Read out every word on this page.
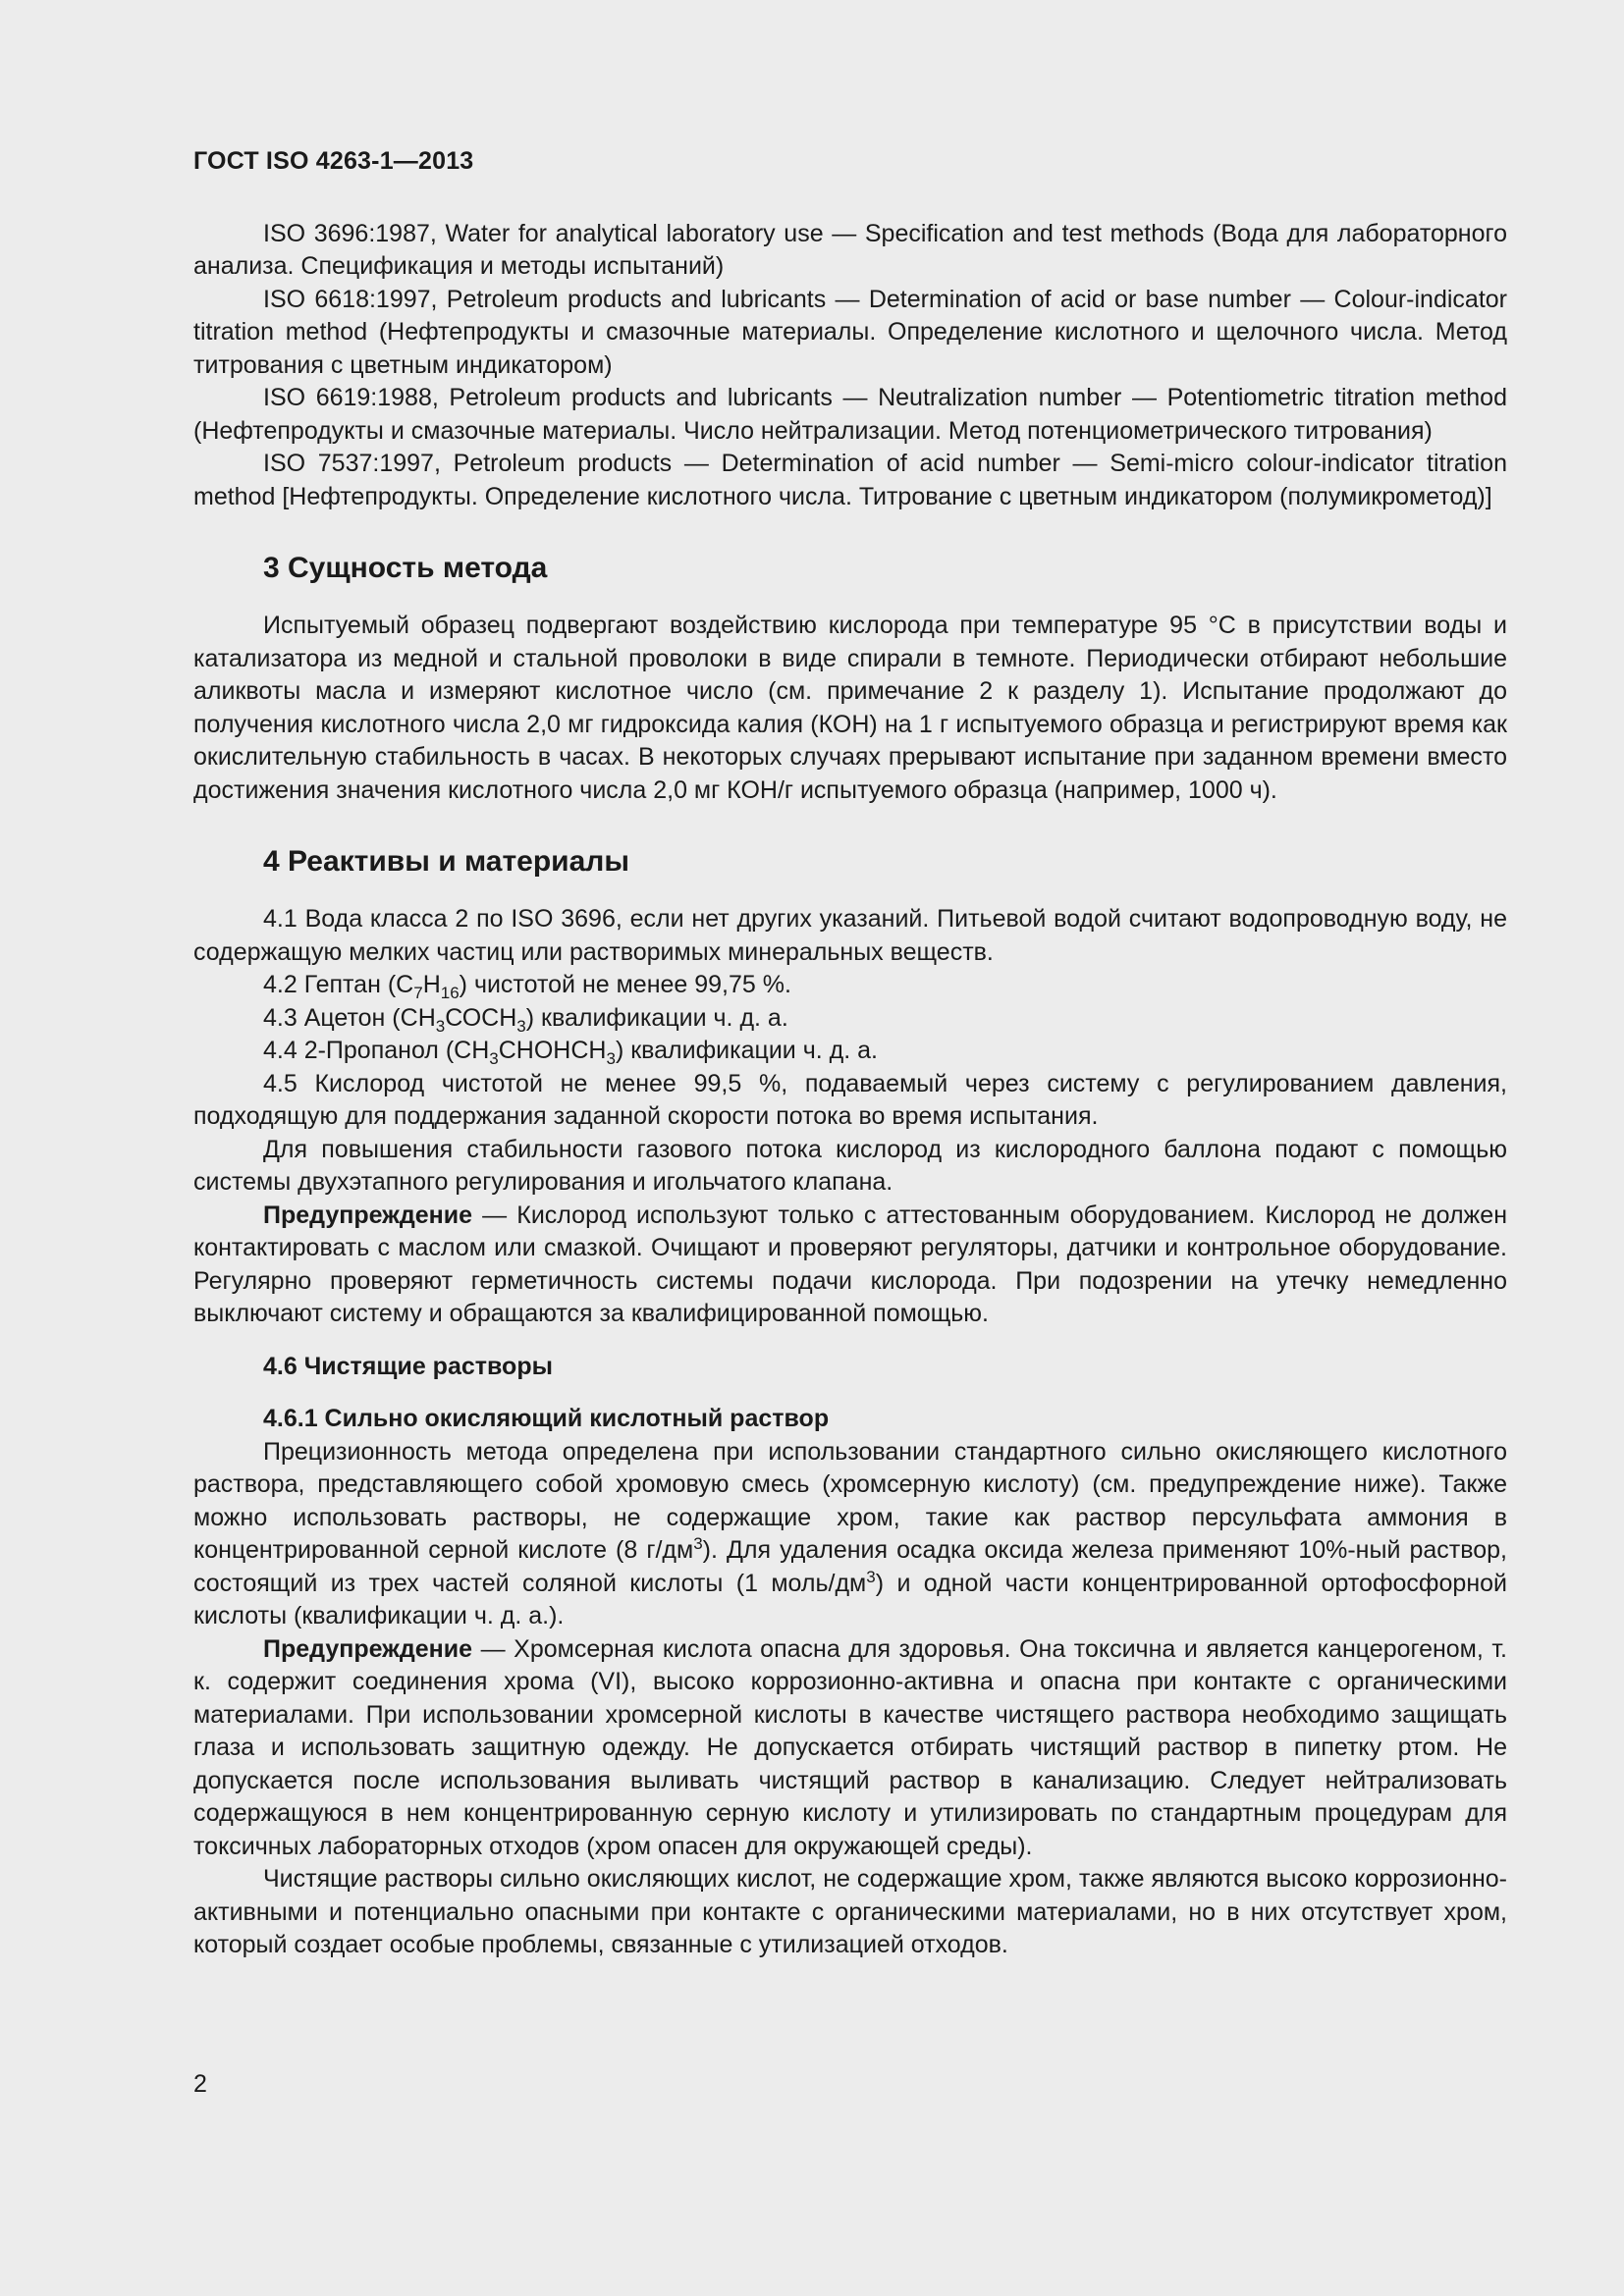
ГОСТ ISO 4263-1—2013

ISO 3696:1987, Water for analytical laboratory use — Specification and test methods (Вода для лабораторного анализа. Спецификация и методы испытаний)

ISO 6618:1997, Petroleum products and lubricants — Determination of acid or base number — Colour-indicator titration method (Нефтепродукты и смазочные материалы. Определение кислотного и щелочного числа. Метод титрования с цветным индикатором)

ISO 6619:1988, Petroleum products and lubricants — Neutralization number — Potentiometric titration method (Нефтепродукты и смазочные материалы. Число нейтрализации. Метод потенциометрического титрования)

ISO 7537:1997, Petroleum products — Determination of acid number — Semi-micro colour-indicator titration method [Нефтепродукты. Определение кислотного числа. Титрование с цветным индикатором (полумикрометод)]

3 Сущность метода

Испытуемый образец подвергают воздействию кислорода при температуре 95 °С в присутствии воды и катализатора из медной и стальной проволоки в виде спирали в темноте. Периодически отбирают небольшие аликвоты масла и измеряют кислотное число (см. примечание 2 к разделу 1). Испытание продолжают до получения кислотного числа 2,0 мг гидроксида калия (КОН) на 1 г испытуемого образца и регистрируют время как окислительную стабильность в часах. В некоторых случаях прерывают испытание при заданном времени вместо достижения значения кислотного числа 2,0 мг КОН/г испытуемого образца (например, 1000 ч).

4 Реактивы и материалы

4.1 Вода класса 2 по ISO 3696, если нет других указаний. Питьевой водой считают водопроводную воду, не содержащую мелких частиц или растворимых минеральных веществ.

4.2 Гептан $(С_7Н_{16})$ чистотой не менее 99,75 %.

4.3 Ацетон $(СН_3СОСН_3)$ квалификации ч. д. а.

4.4 2-Пропанол $(СН_3СНОНСН_3)$ квалификации ч. д. а.

4.5 Кислород чистотой не менее 99,5 %, подаваемый через систему с регулированием давления, подходящую для поддержания заданной скорости потока во время испытания.

Для повышения стабильности газового потока кислород из кислородного баллона подают с помощью системы двухэтапного регулирования и игольчатого клапана.

Предупреждение — Кислород используют только с аттестованным оборудованием. Кислород не должен контактировать с маслом или смазкой. Очищают и проверяют регуляторы, датчики и контрольное оборудование. Регулярно проверяют герметичность системы подачи кислорода. При подозрении на утечку немедленно выключают систему и обращаются за квалифицированной помощью.

4.6 Чистящие растворы
4.6.1 Сильно окисляющий кислотный раствор

Прецизионность метода определена при использовании стандартного сильно окисляющего кислотного раствора, представляющего собой хромовую смесь (хромсерную кислоту) (см. предупреждение ниже). Также можно использовать растворы, не содержащие хром, такие как раствор персульфата аммония в концентрированной серной кислоте (8 $г/дм^3$). Для удаления осадка оксида железа применяют 10%-ный раствор, состоящий из трех частей соляной кислоты (1 моль/$дм^3$) и одной части концентрированной ортофосфорной кислоты (квалификации ч. д. а.).

Предупреждение — Хромсерная кислота опасна для здоровья. Она токсична и является канцерогеном, т. к. содержит соединения хрома (VI), высоко коррозионно-активна и опасна при контакте с органическими материалами. При использовании хромсерной кислоты в качестве чистящего раствора необходимо защищать глаза и использовать защитную одежду. Не допускается отбирать чистящий раствор в пипетку ртом. Не допускается после использования выливать чистящий раствор в канализацию. Следует нейтрализовать содержащуюся в нем концентрированную серную кислоту и утилизировать по стандартным процедурам для токсичных лабораторных отходов (хром опасен для окружающей среды).

Чистящие растворы сильно окисляющих кислот, не содержащие хром, также являются высоко коррозионно-активными и потенциально опасными при контакте с органическими материалами, но в них отсутствует хром, который создает особые проблемы, связанные с утилизацией отходов.

2
